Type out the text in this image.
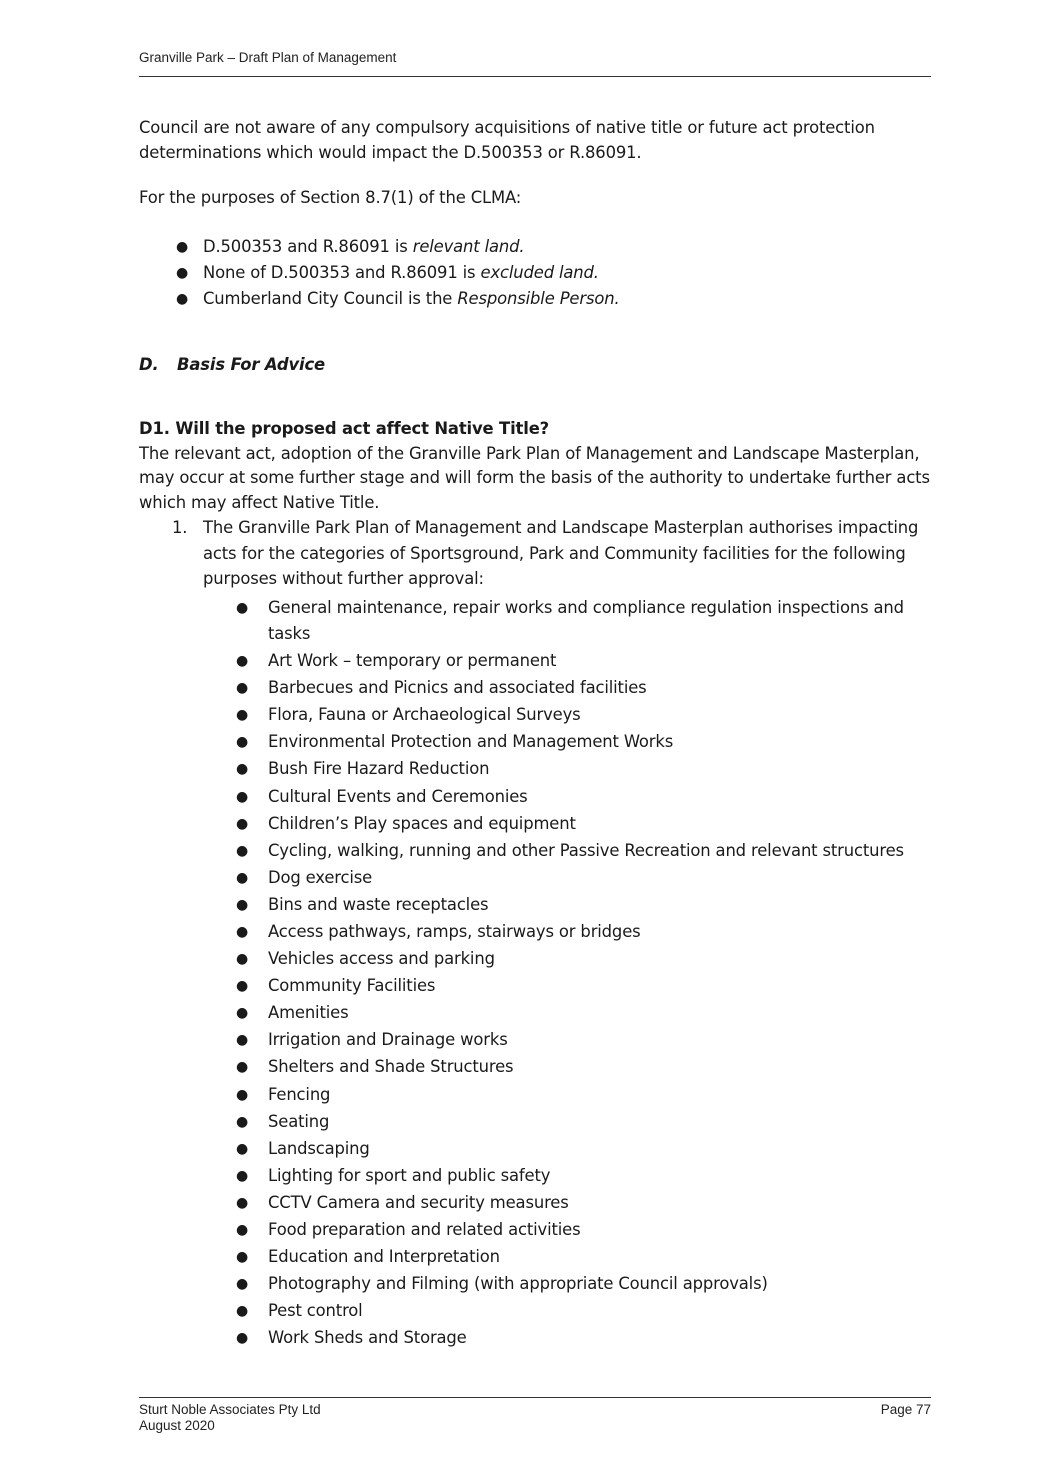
Granville Park – Draft Plan of Management

Council are not aware of any compulsory acquisitions of native title or future act protection determinations which would impact the D.500353 or R.86091.

For the purposes of Section 8.7(1) of the CLMA:

● D.500353 and R.86091 is relevant land.
● None of D.500353 and R.86091 is excluded land.
● Cumberland City Council is the Responsible Person.
D. Basis For Advice
D1. Will the proposed act affect Native Title?

The relevant act, adoption of the Granville Park Plan of Management and Landscape Masterplan, may occur at some further stage and will form the basis of the authority to undertake further acts which may affect Native Title.

1. The Granville Park Plan of Management and Landscape Masterplan authorises impacting acts for the categories of Sportsground, Park and Community facilities for the following purposes without further approval:
● General maintenance, repair works and compliance regulation inspections and tasks
● Art Work – temporary or permanent
● Barbecues and Picnics and associated facilities
● Flora, Fauna or Archaeological Surveys
● Environmental Protection and Management Works
● Bush Fire Hazard Reduction
● Cultural Events and Ceremonies
● Children’s Play spaces and equipment
● Cycling, walking, running and other Passive Recreation and relevant structures
● Dog exercise
● Bins and waste receptacles
● Access pathways, ramps, stairways or bridges
● Vehicles access and parking
● Community Facilities
● Amenities
● Irrigation and Drainage works
● Shelters and Shade Structures
● Fencing
● Seating
● Landscaping
● Lighting for sport and public safety
● CCTV Camera and security measures
● Food preparation and related activities
● Education and Interpretation
● Photography and Filming (with appropriate Council approvals)
● Pest control
● Work Sheds and Storage
Sturt Noble Associates Pty Ltd
August 2020
Page 77
